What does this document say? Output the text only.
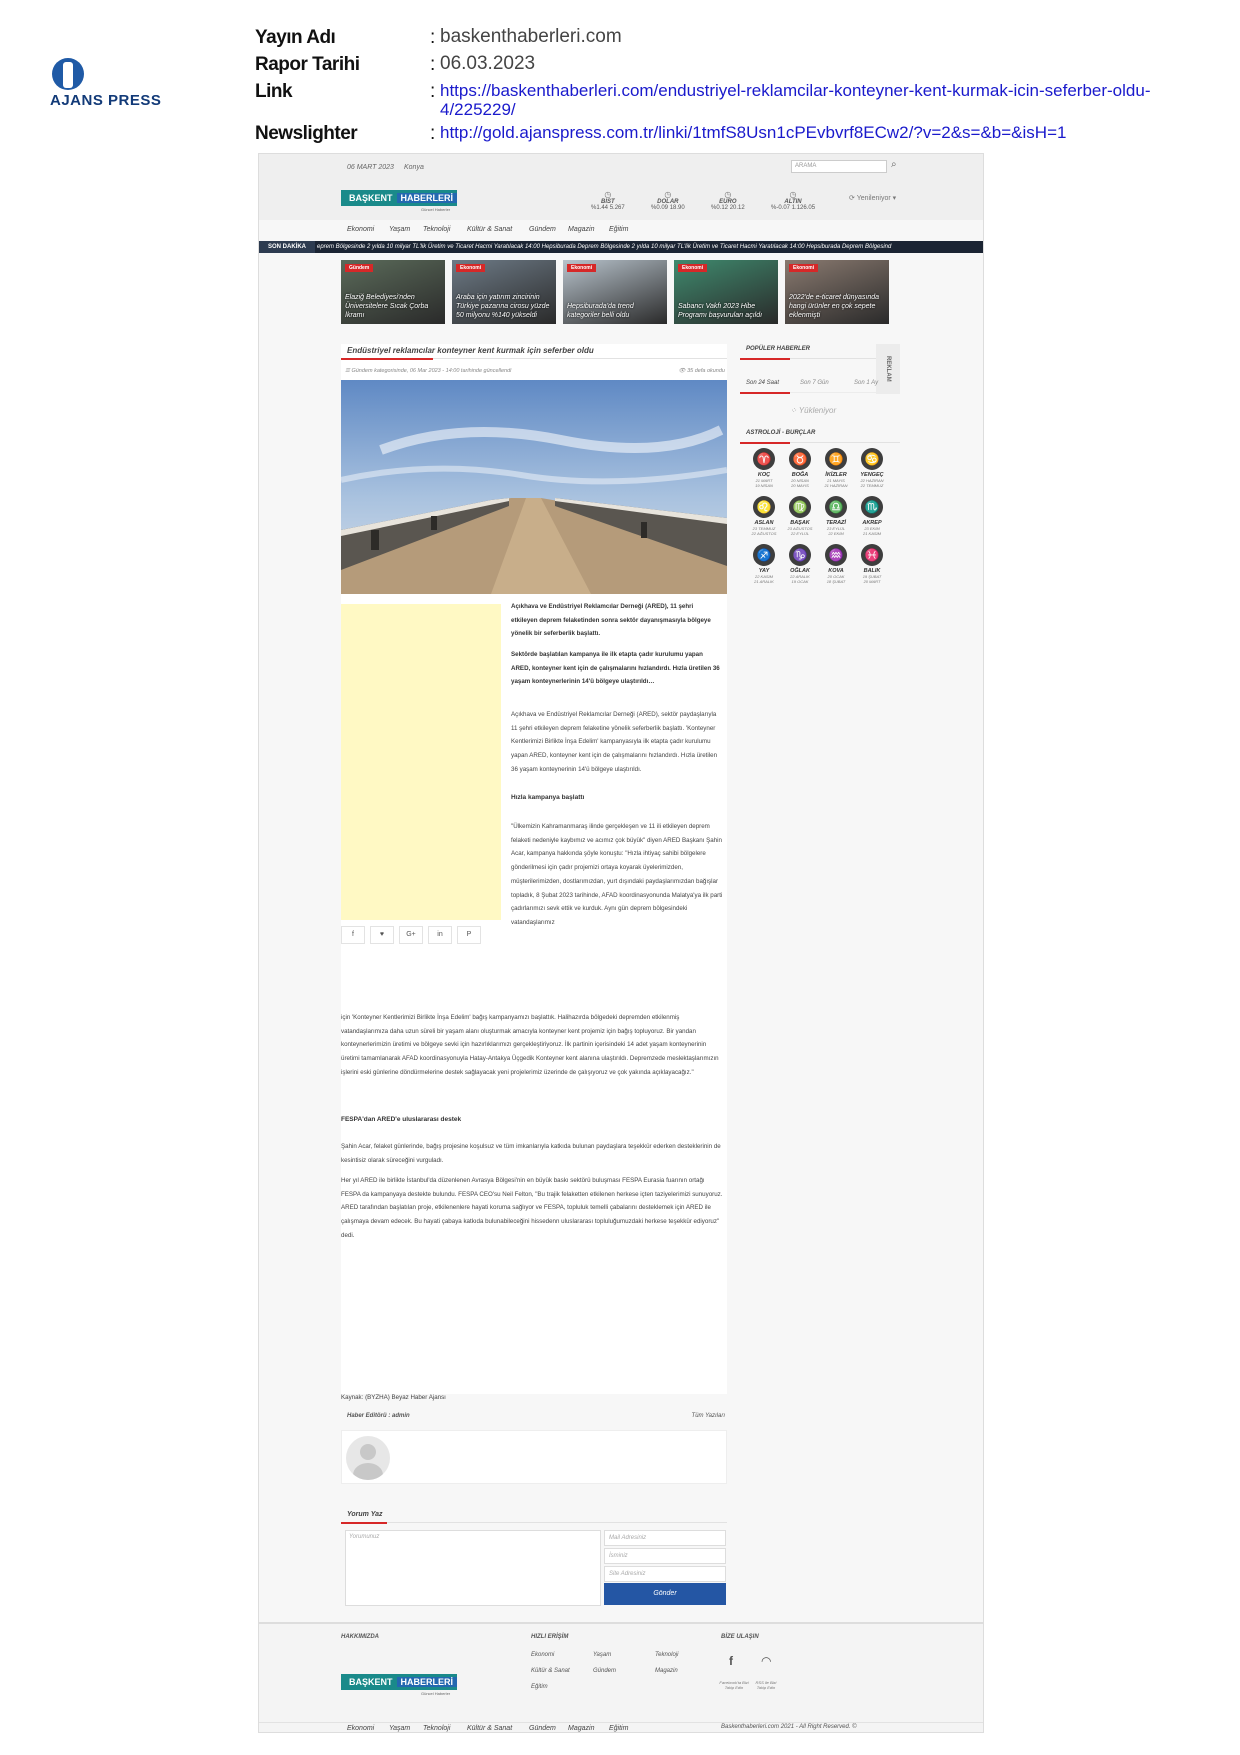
AJANS PRESS
Yayın Adı	: baskenthaberleri.com
Rapor Tarihi	: 06.03.2023
Link	: https://baskenthaberleri.com/endustriyel-reklamcilar-konteyner-kent-kurmak-icin-seferber-oldu-4/225229/
Newslighter	: http://gold.ajanspress.com.tr/linki/1tmfS8Usn1cPEvbvrf8ECw2/?v=2&s=&b=&isH=1
06 MART 2023 Konya	ARAMA	⌕
BAŞKENT HABERLERİ
Güncel Haberler
◷
BIST
%1.44 5.267
◷
DOLAR
%0.09 18.90
◷
EURO
%0.12 20.12
◷
ALTIN
%-0.07 1.126.05
⟳ Yenileniyor ▾
Ekonomi Yaşam Teknoloji Kültür & Sanat Gündem Magazin Eğitim
SON DAKİKA	eprem Bölgesinde 2 yılda 10 milyar TL'lik Üretim ve Ticaret Hacmi Yaratılacak 14:00 Hepsiburada Deprem Bölgesinde 2 yılda 10 milyar TL'lik Üretim ve Ticaret Hacmi Yaratılacak 14:00 Hepsiburada Deprem Bölgesind
Gündem
Elaziğ Belediyesi'nden Üniversitelere Sıcak Çorba İkramı
Ekonomi
Araba için yatırım zincirinin Türkiye pazarına cirosu yüzde 50 milyonu %140 yükseldi
Ekonomi
Hepsiburada'da trend kategoriler belli oldu
Ekonomi
Sabancı Vakfı 2023 Hibe Programı başvuruları açıldı
Ekonomi
2022'de e-ticaret dünyasında hangi ürünler en çok sepete eklenmişti
Endüstriyel reklamcılar konteyner kent kurmak için seferber oldu
☰ Gündem kategorisinde, 06 Mar 2023 - 14:00 tarihinde güncellendi	👁 35 defa okundu
f	♥	G+	in	P
Açıkhava ve Endüstriyel Reklamcılar Derneği (ARED), 11 şehri etkileyen deprem felaketinden sonra sektör dayanışmasıyla bölgeye yönelik bir seferberlik başlattı.
Sektörde başlatılan kampanya ile ilk etapta çadır kurulumu yapan ARED, konteyner kent için de çalışmalarını hızlandırdı. Hızla üretilen 36 yaşam konteynerlerinin 14'ü bölgeye ulaştırıldı…
Açıkhava ve Endüstriyel Reklamcılar Derneği (ARED), sektör paydaşlarıyla 11 şehri etkileyen deprem felaketine yönelik seferberlik başlattı. 'Konteyner Kentlerimizi Birlikte İnşa Edelim' kampanyasıyla ilk etapta çadır kurulumu yapan ARED, konteyner kent için de çalışmalarını hızlandırdı. Hızla üretilen 36 yaşam konteynerinin 14'ü bölgeye ulaştırıldı.
Hızla kampanya başlattı
"Ülkemizin Kahramanmaraş ilinde gerçekleşen ve 11 ili etkileyen deprem felaketi nedeniyle kaybımız ve acımız çok büyük" diyen ARED Başkanı Şahin Acar, kampanya hakkında şöyle konuştu: "Hızla ihtiyaç sahibi bölgelere gönderilmesi için çadır projemizi ortaya koyarak üyelerimizden, müşterilerimizden, dostlarımızdan, yurt dışındaki paydaşlarımızdan bağışlar topladık, 8 Şubat 2023 tarihinde, AFAD koordinasyonunda Malatya'ya ilk parti çadırlarımızı sevk ettik ve kurduk. Aynı gün deprem bölgesindeki vatandaşlarımız
için 'Konteyner Kentlerimizi Birlikte İnşa Edelim' bağış kampanyamızı başlattık. Halihazırda bölgedeki depremden etkilenmiş vatandaşlarımıza daha uzun süreli bir yaşam alanı oluşturmak amacıyla konteyner kent projemiz için bağış topluyoruz. Bir yandan konteynerlerimizin üretimi ve bölgeye sevki için hazırlıklarımızı gerçekleştiriyoruz. İlk partinin içerisindeki 14 adet yaşam konteynerinin üretimi tamamlanarak AFAD koordinasyonuyla Hatay-Antakya Üçgedik Konteyner kent alanına ulaştırıldı. Depremzede meslektaşlarımızın işlerini eski günlerine döndürmelerine destek sağlayacak yeni projelerimiz üzerinde de çalışıyoruz ve çok yakında açıklayacağız."
FESPA'dan ARED'e uluslararası destek
Şahin Acar, felaket günlerinde, bağış projesine koşulsuz ve tüm imkanlarıyla katkıda bulunan paydaşlara teşekkür ederken desteklerinin de kesintisiz olarak süreceğini vurguladı.
Her yıl ARED ile birlikte İstanbul'da düzenlenen Avrasya Bölgesi'nin en büyük baskı sektörü buluşması FESPA Eurasia fuarının ortağı FESPA da kampanyaya destekte bulundu. FESPA CEO'su Neil Felton, "Bu trajik felaketten etkilenen herkese içten taziyelerimizi sunuyoruz. ARED tarafından başlatılan proje, etkilenenlere hayati koruma sağlıyor ve FESPA, topluluk temelli çabalarını desteklemek için ARED ile çalışmaya devam edecek. Bu hayati çabaya katkıda bulunabileceğini hissedenn uluslararası topluluğumuzdaki herkese teşekkür ediyoruz" dedi.
Kaynak: (BYZHA) Beyaz Haber Ajansı
Haber Editörü : admin	Tüm Yazıları
POPÜLER HABERLER
REKLAM
Son 24 Saat	Son 7 Gün	Son 1 Ay
⁘ Yükleniyor
ASTROLOJİ - BURÇLAR
♈
KOÇ
21 MART
19 NİSAN
♉
BOĞA
20 NİSAN
20 MAYIS
♊
İKİZLER
21 MAYIS
21 HAZİRAN
♋
YENGEÇ
22 HAZİRAN
22 TEMMUZ
♌
ASLAN
23 TEMMUZ
22 AĞUSTOS
♍
BAŞAK
23 AĞUSTOS
22 EYLÜL
♎
TERAZİ
23 EYLÜL
22 EKİM
♏
AKREP
23 EKİM
21 KASIM
♐
YAY
22 KASIM
21 ARALIK
♑
OĞLAK
22 ARALIK
19 OCAK
♒
KOVA
20 OCAK
18 ŞUBAT
♓
BALIK
19 ŞUBAT
20 MART
Yorum Yaz
Yorumunuz	Mail Adresiniz
İsminiz
Site Adresiniz
Gönder
HAKKIMIZDA	HIZLI ERİŞİM	BİZE ULAŞIN
BAŞKENT HABERLERİ
Güncel Haberler
Ekonomi	Yaşam	Teknoloji
Kültür & Sanat	Gündem	Magazin
Eğitim
f ◠
Facebook'ta Bizi Takip Edin
RSS ile Bizi Takip Edin
Ekonomi Yaşam Teknoloji Kültür & Sanat Gündem Magazin Eğitim	Baskenthaberleri.com 2021 - All Right Reserved. ©
